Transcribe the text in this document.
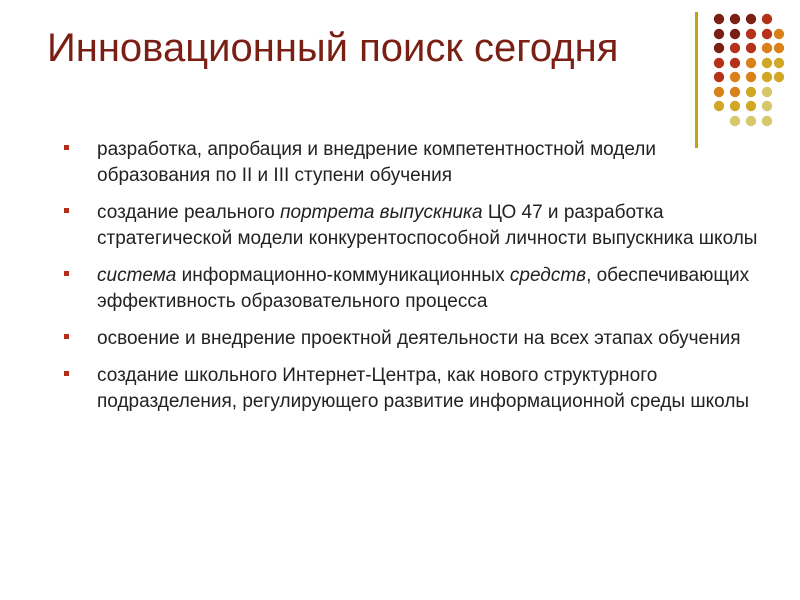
Инновационный поиск сегодня
разработка, апробация и внедрение компетентностной модели образования по II и III ступени обучения
создание реального портрета выпускника ЦО 47 и разработка стратегической модели конкурентоспособной личности выпускника школы
система информационно-коммуникационных средств, обеспечивающих эффективность образовательного процесса
освоение и внедрение проектной деятельности на всех этапах обучения
создание школьного Интернет-Центра, как нового структурного подразделения, регулирующего развитие информационной среды школы
